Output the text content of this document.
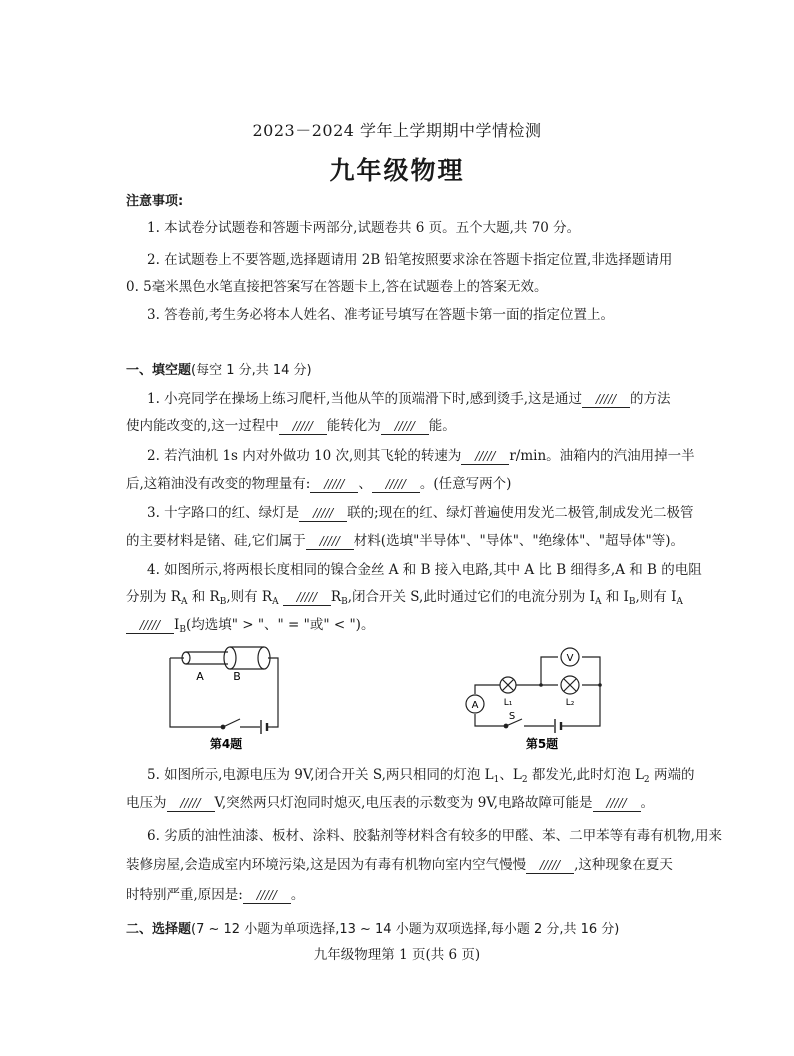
2023－2024 学年上学期期中学情检测
九年级物理
注意事项:
1. 本试卷分试题卷和答题卡两部分,试题卷共 6 页。五个大题,共 70 分。
2. 在试题卷上不要答题,选择题请用 2B 铅笔按照要求涂在答题卡指定位置,非选择题请用
0. 5毫米黑色水笔直接把答案写在答题卡上,答在试题卷上的答案无效。
3. 答卷前,考生务必将本人姓名、准考证号填写在答题卡第一面的指定位置上。
一、填空题(每空 1 分,共 14 分)
1. 小亮同学在操场上练习爬杆,当他从竿的顶端滑下时,感到烫手,这是通过 ///// 的方法
使内能改变的,这一过程中 ///// 能转化为 ///// 能。
2. 若汽油机 1s 内对外做功 10 次,则其飞轮的转速为 ///// r/min。油箱内的汽油用掉一半
后,这箱油没有改变的物理量有: ///// 、 ///// 。(任意写两个)
3. 十字路口的红、绿灯是 ///// 联的;现在的红、绿灯普遍使用发光二极管,制成发光二极管
的主要材料是锗、硅,它们属于 ///// 材料(选填"半导体"、"导体"、"绝缘体"、"超导体"等)。
4. 如图所示,将两根长度相同的镍合金丝 A 和 B 接入电路,其中 A 比 B 细得多,A 和 B 的电阻
分别为 $R_A$ 和 $R_B$,则有 $R_A$ ///// $R_B$,闭合开关 S,此时通过它们的电流分别为 $I_A$ 和 $I_B$,则有 $I_A$
///// $I_B$(均选填" > "、" = "或" < ")。
A	B
第4题
V
A	L₁	L₂
S
第5题
5. 如图所示,电源电压为 9V,闭合开关 S,两只相同的灯泡 $L_1$、$L_2$ 都发光,此时灯泡 $L_2$ 两端的
电压为 ///// V,突然两只灯泡同时熄灭,电压表的示数变为 9V,电路故障可能是 ///// 。
6. 劣质的油性油漆、板材、涂料、胶黏剂等材料含有较多的甲醛、苯、二甲苯等有毒有机物,用来
装修房屋,会造成室内环境污染,这是因为有毒有机物向室内空气慢慢 ///// ,这种现象在夏天
时特别严重,原因是: ///// 。
二、选择题(7 ~ 12 小题为单项选择,13 ~ 14 小题为双项选择,每小题 2 分,共 16 分)
九年级物理第 1 页(共 6 页)
